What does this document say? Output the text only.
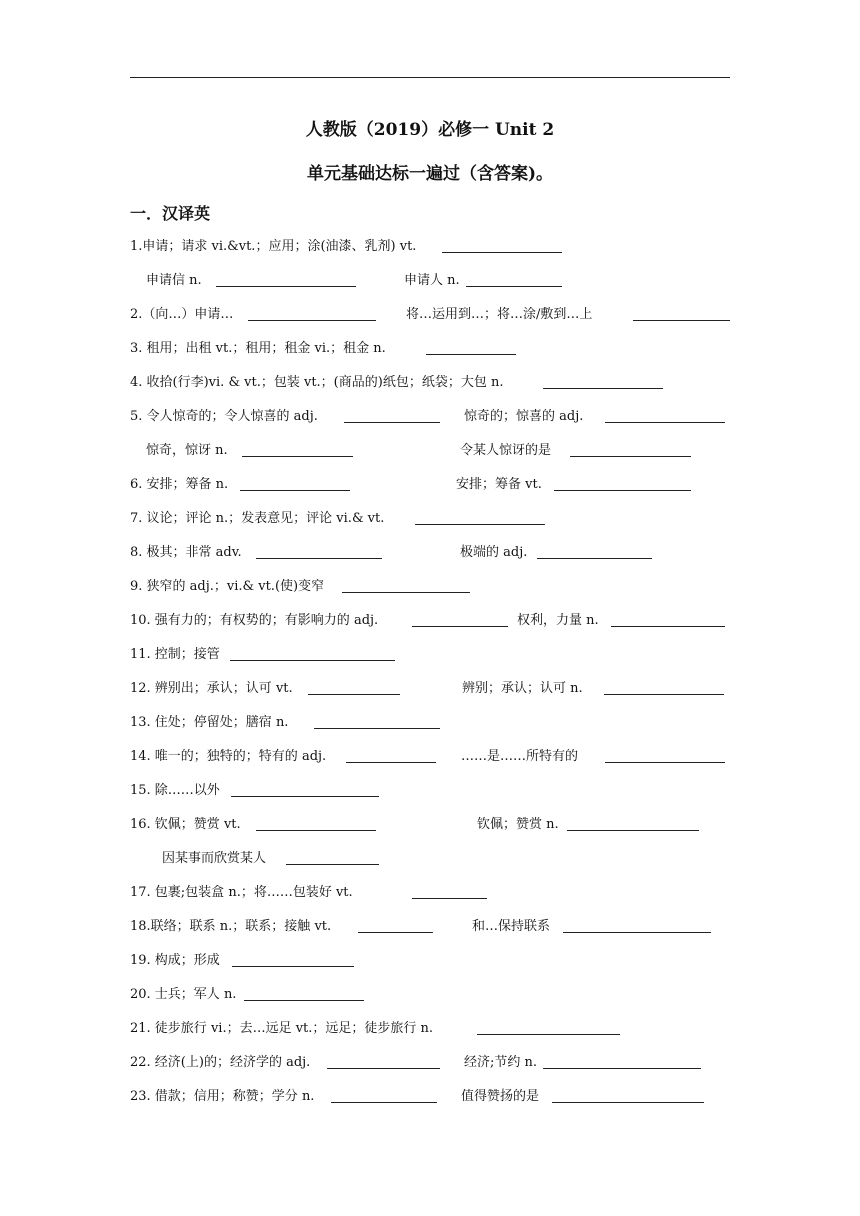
人教版（2019）必修一 Unit 2
单元基础达标一遍过（含答案)。
一．汉译英
1.申请；请求 vi.&vt.；应用；涂(油漆、乳剂) vt.
申请信 n.	申请人 n.
2.（向…）申请…	将…运用到…；将…涂/敷到…上
3. 租用；出租 vt.；租用；租金 vi.；租金 n.
4. 收拾(行李)vi. & vt.；包装 vt.；(商品的)纸包；纸袋；大包 n.
5. 令人惊奇的；令人惊喜的 adj.	惊奇的；惊喜的 adj.
惊奇，惊讶 n.	令某人惊讶的是
6. 安排；筹备 n.	安排；筹备 vt.
7. 议论；评论 n.；发表意见；评论 vi.& vt.
8. 极其；非常 adv.	极端的 adj.
9. 狭窄的 adj.；vi.& vt.(使)变窄
10. 强有力的；有权势的；有影响力的 adj.	权利，力量 n.
11. 控制；接管
12. 辨别出；承认；认可 vt.	辨别；承认；认可 n.
13. 住处；停留处；膳宿 n.
14. 唯一的；独特的；特有的 adj.	……是……所特有的
15. 除……以外
16. 钦佩；赞赏 vt.	钦佩；赞赏 n.
因某事而欣赏某人
17. 包裹;包装盒 n.；将……包装好 vt.
18.联络；联系 n.；联系；接触 vt.	和…保持联系
19. 构成；形成
20. 士兵；军人 n.
21. 徒步旅行 vi.；去…远足 vt.；远足；徒步旅行 n.
22. 经济(上)的；经济学的 adj.	经济;节约 n.
23. 借款；信用；称赞；学分 n.	值得赞扬的是
